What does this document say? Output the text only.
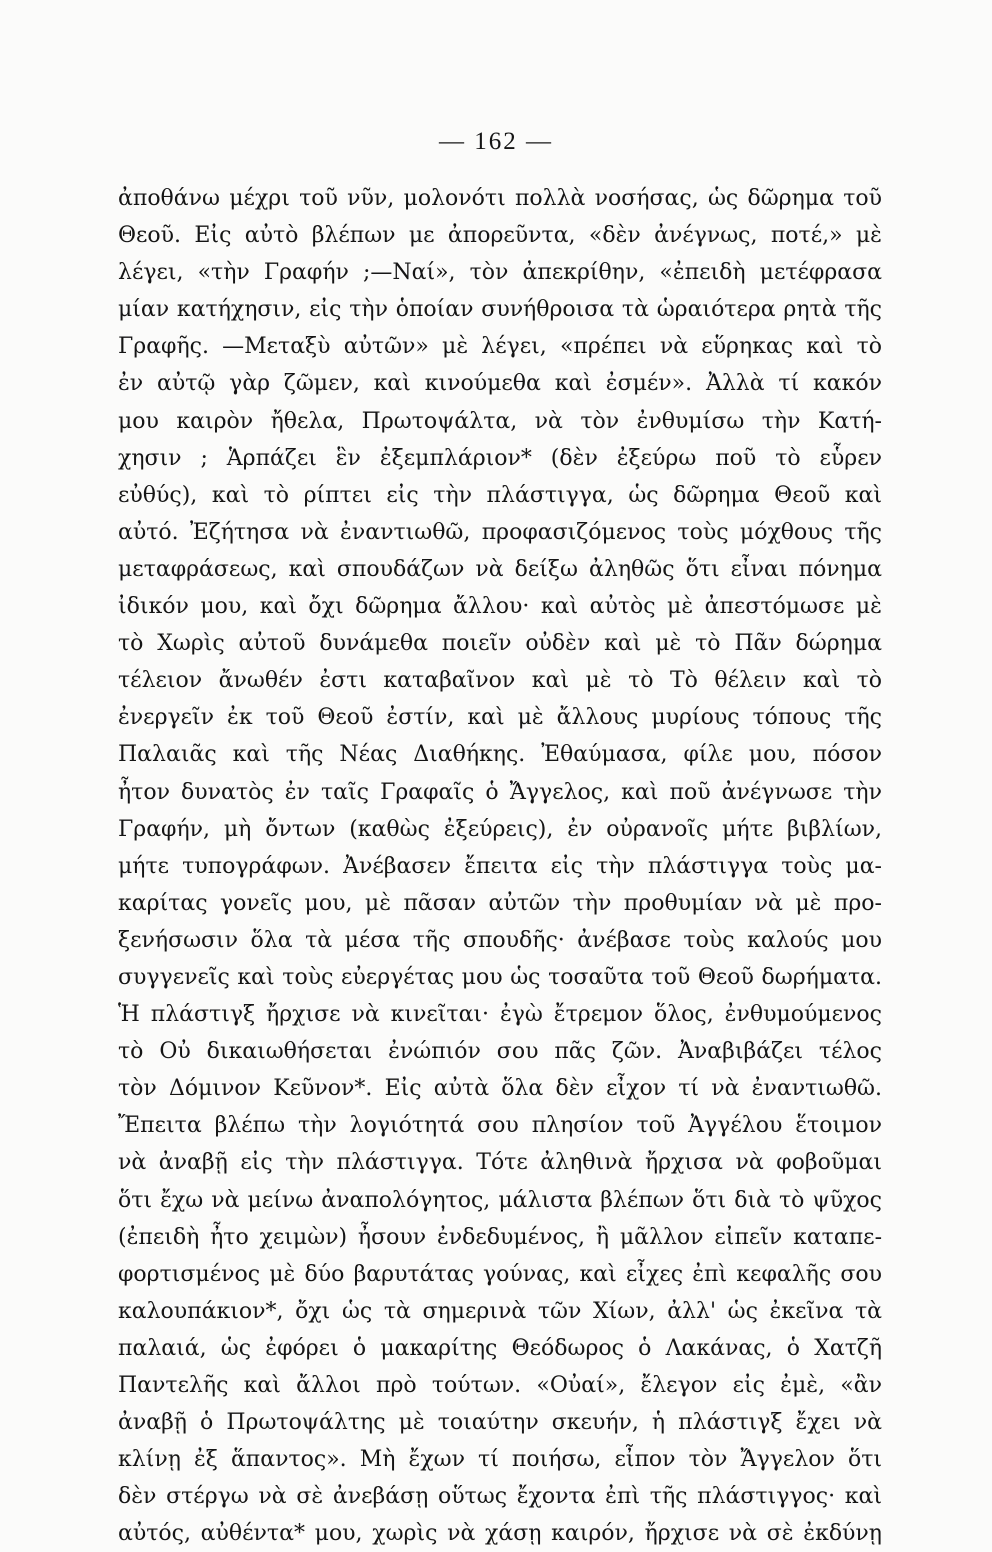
— 162 —
ἀποθάνω μέχρι τοῦ νῦν, μολονότι πολλὰ νοσήσας, ὡς δῶρημα τοῦ
Θεοῦ. Εἰς αὐτὸ βλέπων με ἀπορεῦντα, «δὲν ἀνέγνως, ποτέ,» μὲ
λέγει, «τὴν Γραφήν ;—Ναί», τὸν ἀπεκρίθην, «ἐπειδὴ μετέφρασα
μίαν κατήχησιν, εἰς τὴν ὁποίαν συνήθροισα τὰ ὡραιότερα ρητὰ τῆς
Γραφῆς. —Μεταξὺ αὐτῶν» μὲ λέγει, «πρέπει νὰ εὕρηκας καὶ τὸ
ἐν αὐτῷ γὰρ ζῶμεν, καὶ κινούμεθα καὶ ἐσμέν». Ἀλλὰ τί κακόν
μου καιρὸν ἤθελα, Πρωτοψάλτα, νὰ τὸν ἐνθυμίσω τὴν Κατή-
χησιν ; Ἁρπάζει ἓν ἐξεμπλάριον* (δὲν ἐξεύρω ποῦ τὸ εὗρεν
εὐθύς), καὶ τὸ ρίπτει εἰς τὴν πλάστιγγα, ὡς δῶρημα Θεοῦ καὶ
αὐτό. Ἐζήτησα νὰ ἐναντιωθῶ, προφασιζόμενος τοὺς μόχθους τῆς
μεταφράσεως, καὶ σπουδάζων νὰ δείξω ἀληθῶς ὅτι εἶναι πόνημα
ἰδικόν μου, καὶ ὄχι δῶρημα ἄλλου· καὶ αὐτὸς μὲ ἀπεστόμωσε μὲ
τὸ Χωρὶς αὐτοῦ δυνάμεθα ποιεῖν οὐδὲν καὶ μὲ τὸ Πᾶν δώρημα
τέλειον ἄνωθέν ἐστι καταβαῖνον καὶ μὲ τὸ Τὸ θέλειν καὶ τὸ
ἐνεργεῖν ἐκ τοῦ Θεοῦ ἐστίν, καὶ μὲ ἄλλους μυρίους τόπους τῆς
Παλαιᾶς καὶ τῆς Νέας Διαθήκης. Ἐθαύμασα, φίλε μου, πόσον
ἦτον δυνατὸς ἐν ταῖς Γραφαῖς ὁ Ἄγγελος, καὶ ποῦ ἀνέγνωσε τὴν
Γραφήν, μὴ ὄντων (καθὼς ἐξεύρεις), ἐν οὐρανοῖς μήτε βιβλίων,
μήτε τυπογράφων. Ἀνέβασεν ἔπειτα εἰς τὴν πλάστιγγα τοὺς μα-
καρίτας γονεῖς μου, μὲ πᾶσαν αὐτῶν τὴν προθυμίαν νὰ μὲ προ-
ξενήσωσιν ὅλα τὰ μέσα τῆς σπουδῆς· ἀνέβασε τοὺς καλούς μου
συγγενεῖς καὶ τοὺς εὐεργέτας μου ὡς τοσαῦτα τοῦ Θεοῦ δωρήματα.
Ἡ πλάστιγξ ἤρχισε νὰ κινεῖται· ἐγὼ ἔτρεμον ὅλος, ἐνθυμούμενος
τὸ Οὐ δικαιωθήσεται ἐνώπιόν σου πᾶς ζῶν. Ἀναβιβάζει τέλος
τὸν Δόμινον Κεῦνον*. Εἰς αὐτὰ ὅλα δὲν εἶχον τί νὰ ἐναντιωθῶ.
Ἔπειτα βλέπω τὴν λογιότητά σου πλησίον τοῦ Ἀγγέλου ἕτοιμον
νὰ ἀναβῇ εἰς τὴν πλάστιγγα. Τότε ἀληθινὰ ἤρχισα νὰ φοβοῦμαι
ὅτι ἔχω νὰ μείνω ἀναπολόγητος, μάλιστα βλέπων ὅτι διὰ τὸ ψῦχος
(ἐπειδὴ ἦτο χειμὼν) ἦσουν ἐνδεδυμένος, ἢ μᾶλλον εἰπεῖν καταπε-
φορτισμένος μὲ δύο βαρυτάτας γούνας, καὶ εἶχες ἐπὶ κεφαλῆς σου
καλουπάκιον*, ὄχι ὡς τὰ σημερινὰ τῶν Χίων, ἀλλ' ὡς ἐκεῖνα τὰ
παλαιά, ὡς ἐφόρει ὁ μακαρίτης Θεόδωρος ὁ Λακάνας, ὁ Χατζῆ
Παντελῆς καὶ ἄλλοι πρὸ τούτων. «Οὐαί», ἔλεγον εἰς ἐμὲ, «ἂν
ἀναβῇ ὁ Πρωτοψάλτης μὲ τοιαύτην σκευήν, ἡ πλάστιγξ ἔχει νὰ
κλίνῃ ἐξ ἅπαντος». Μὴ ἔχων τί ποιήσω, εἶπον τὸν Ἄγγελον ὅτι
δὲν στέργω νὰ σὲ ἀνεβάσῃ οὕτως ἔχοντα ἐπὶ τῆς πλάστιγγος· καὶ
αὐτός, αὐθέντα* μου, χωρὶς νὰ χάσῃ καιρόν, ἤρχισε νὰ σὲ ἐκδύνῃ
